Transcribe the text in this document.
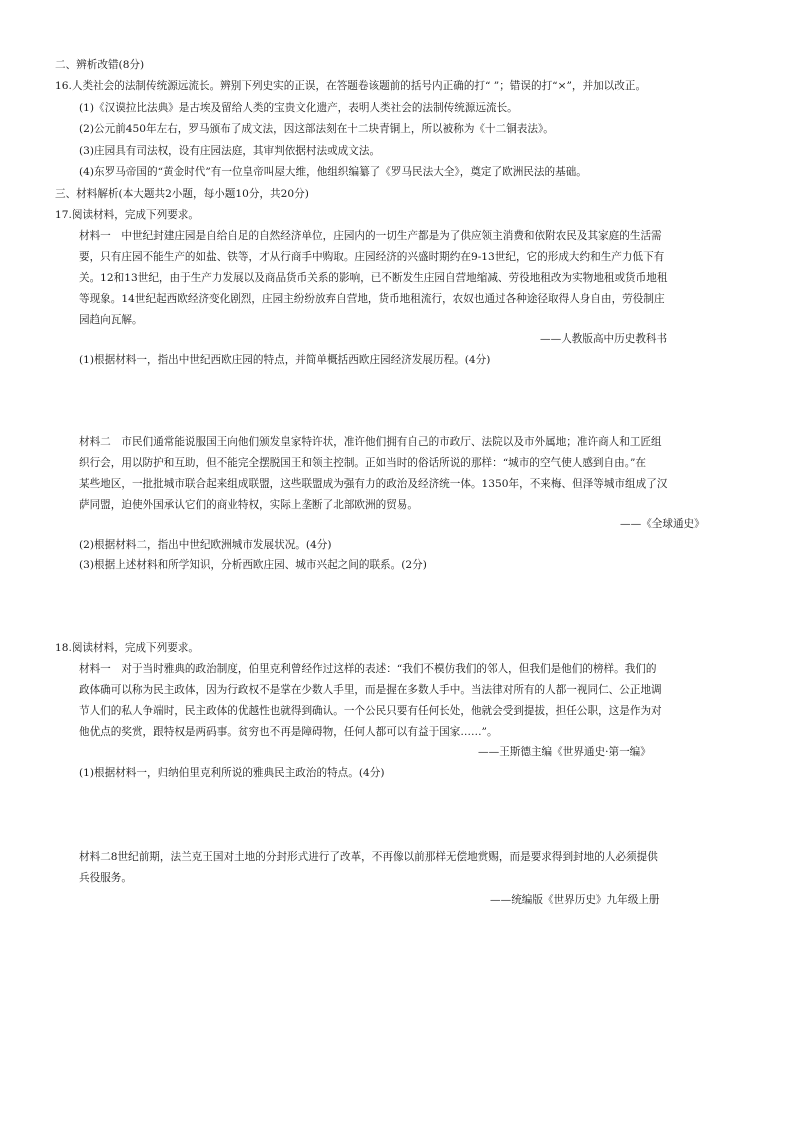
二、辨析改错(8分)
16.人类社会的法制传统源远流长。辨别下列史实的正误，在答题卷该题前的括号内正确的打“ ”；错误的打“×”，并加以改正。
(1)《汉谟拉比法典》是古埃及留给人类的宝贵文化遗产，表明人类社会的法制传统源远流长。
(2)公元前450年左右，罗马颁布了成文法，因这部法刻在十二块青铜上，所以被称为《十二铜表法》。
(3)庄园具有司法权，设有庄园法庭，其审判依据村法或成文法。
(4)东罗马帝国的“黄金时代”有一位皇帝叫屋大维，他组织编纂了《罗马民法大全》，奠定了欧洲民法的基础。
三、材料解析(本大题共2小题，每小题10分，共20分)
17.阅读材料，完成下列要求。
材料一　中世纪封建庄园是自给自足的自然经济单位，庄园内的一切生产都是为了供应领主消费和依附农民及其家庭的生活需
要，只有庄园不能生产的如盐、铁等，才从行商手中购取。庄园经济的兴盛时期约在9-13世纪，它的形成大约和生产力低下有
关。12和13世纪，由于生产力发展以及商品货币关系的影响，已不断发生庄园自营地缩减、劳役地租改为实物地租或货币地租
等现象。14世纪起西欧经济变化剧烈，庄园主纷纷放弃自营地，货币地租流行，农奴也通过各种途径取得人身自由，劳役制庄
园趋向瓦解。
——人教版高中历史教科书
(1)根据材料一，指出中世纪西欧庄园的特点，并简单概括西欧庄园经济发展历程。(4分)
材料二　市民们通常能说服国王向他们颁发皇家特许状，准许他们拥有自己的市政厅、法院以及市外属地；准许商人和工匠组
织行会，用以防护和互助，但不能完全摆脱国王和领主控制。正如当时的俗话所说的那样：“城市的空气使人感到自由。”在
某些地区，一批批城市联合起来组成联盟，这些联盟成为强有力的政治及经济统一体。1350年，不来梅、但泽等城市组成了汉
萨同盟，迫使外国承认它们的商业特权，实际上垄断了北部欧洲的贸易。
——《全球通史》
(2)根据材料二，指出中世纪欧洲城市发展状况。(4分)
(3)根据上述材料和所学知识，分析西欧庄园、城市兴起之间的联系。(2分)
18.阅读材料，完成下列要求。
材料一　对于当时雅典的政治制度，伯里克利曾经作过这样的表述：“我们不模仿我们的邻人，但我们是他们的榜样。我们的
政体确可以称为民主政体，因为行政权不是掌在少数人手里，而是握在多数人手中。当法律对所有的人都一视同仁、公正地调
节人们的私人争端时，民主政体的优越性也就得到确认。一个公民只要有任何长处，他就会受到提拔，担任公职，这是作为对
他优点的奖赏，跟特权是两码事。贫穷也不再是障碍物，任何人都可以有益于国家……”。
——王斯德主编《世界通史·第一编》
(1)根据材料一，归纳伯里克利所说的雅典民主政治的特点。(4分)
材料二8世纪前期，法兰克王国对土地的分封形式进行了改革，不再像以前那样无偿地赏赐，而是要求得到封地的人必须提供
兵役服务。
——统编版《世界历史》九年级上册
